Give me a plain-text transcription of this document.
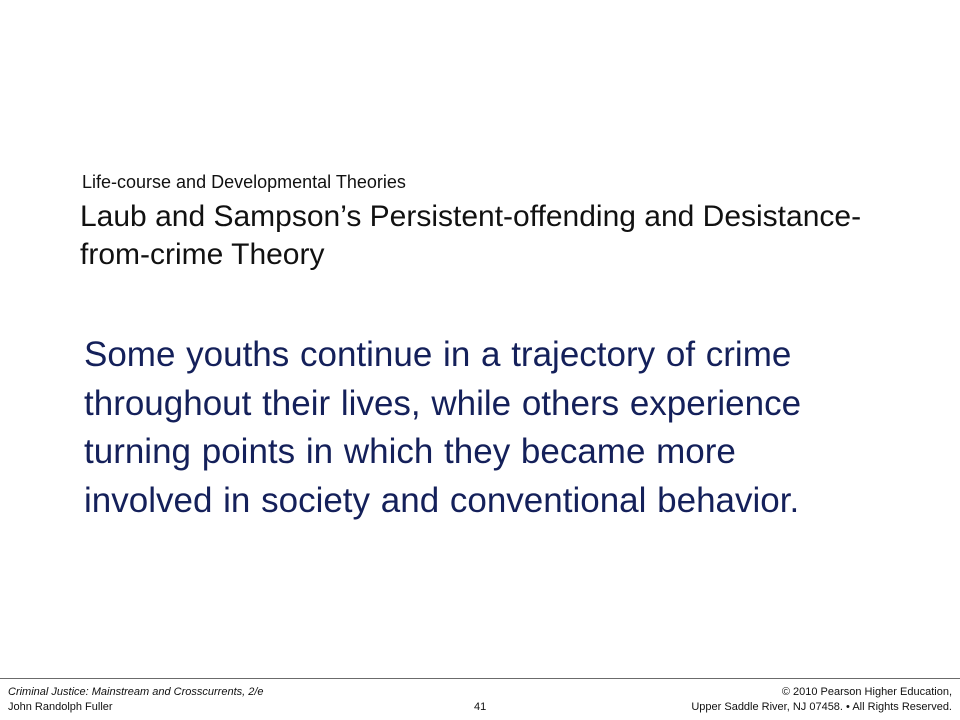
Life-course and Developmental Theories
Laub and Sampson’s Persistent-offending and Desistance-from-crime Theory

Some youths continue in a trajectory of crime throughout their lives, while others experience turning points in which they became more involved in society and conventional behavior.

Criminal Justice: Mainstream and Crosscurrents, 2/e
John Randolph Fuller	41
© 2010 Pearson Higher Education,
Upper Saddle River, NJ 07458. • All Rights Reserved.
